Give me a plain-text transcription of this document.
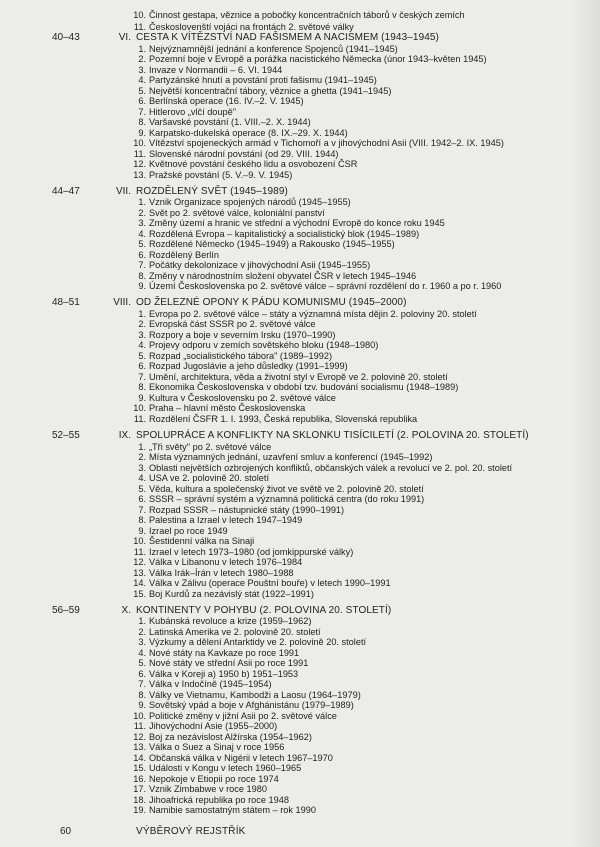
10. Činnost gestapa, věznice a pobočky koncentračních táborů v českých zemích
11. Českoslovenští vojáci na frontách 2. světové války
40–43	VI. CESTA K VÍTĚZSTVÍ NAD FAŠISMEM A NACISMEM (1943–1945)
1. Nejvýznamnější jednání a konference Spojenců (1941–1945)
2. Pozemní boje v Evropě a porážka nacistického Německa (únor 1943–květen 1945)
3. Invaze v Normandii – 6. VI. 1944
4. Partyzánské hnutí a povstání proti fašismu (1941–1945)
5. Největší koncentrační tábory, věznice a ghetta (1941–1945)
6. Berlínská operace (16. IV.–2. V. 1945)
7. Hitlerovo „vlčí doupě"
8. Varšavské povstání (1. VIII.–2. X. 1944)
9. Karpatsko-dukelská operace (8. IX.–29. X. 1944)
10. Vítězství spojeneckých armád v Tichomoří a v jihovýchodní Asii (VIII. 1942–2. IX. 1945)
11. Slovenské národní povstání (od 29. VIII. 1944)
12. Květnové povstání českého lidu a osvobození ČSR
13. Pražské povstání (5. V.–9. V. 1945)
44–47	VII. ROZDĚLENÝ SVĚT (1945–1989)
1. Vznik Organizace spojených národů (1945–1955)
2. Svět po 2. světové válce, koloniální panství
3. Změny území a hranic ve střední a východní Evropě do konce roku 1945
4. Rozdělená Evropa – kapitalistický a socialistický blok (1945–1989)
5. Rozdělené Německo (1945–1949) a Rakousko (1945–1955)
6. Rozdělený Berlín
7. Počátky dekolonizace v jihovýchodní Asii (1945–1955)
8. Změny v národnostním složení obyvatel ČSR v letech 1945–1946
9. Území Československa po 2. světové válce – správní rozdělení do r. 1960 a po r. 1960
48–51	VIII. OD ŽELEZNÉ OPONY K PÁDU KOMUNISMU (1945–2000)
1. Evropa po 2. světové válce – státy a významná místa dějin 2. poloviny 20. století
2. Evropská část SSSR po 2. světové válce
3. Rozpory a boje v severním Irsku (1970–1990)
4. Projevy odporu v zemích sovětského bloku (1948–1980)
5. Rozpad „socialistického tábora" (1989–1992)
6. Rozpad Jugoslávie a jeho důsledky (1991–1999)
7. Umění, architektura, věda a životní styl v Evropě ve 2. polovině 20. století
8. Ekonomika Československa v období tzv. budování socialismu (1948–1989)
9. Kultura v Československu po 2. světové válce
10. Praha – hlavní město Československa
11. Rozdělení ČSFR 1. I. 1993, Česká republika, Slovenská republika
52–55	IX. SPOLUPRÁCE A KONFLIKTY NA SKLONKU TISÍCILETÍ (2. POLOVINA 20. STOLETÍ)
1. „Tři světy" po 2. světové válce
2. Místa významných jednání, uzavření smluv a konferencí (1945–1992)
3. Oblasti největších ozbrojených konfliktů, občanských válek a revolucí ve 2. pol. 20. století
4. USA ve 2. polovině 20. století
5. Věda, kultura a společenský život ve světě ve 2. polovině 20. století
6. SSSR – správní systém a významná politická centra (do roku 1991)
7. Rozpad SSSR – nástupnické státy (1990–1991)
8. Palestina a Izrael v letech 1947–1949
9. Izrael po roce 1949
10. Šestidenní válka na Sinaji
11. Izrael v letech 1973–1980 (od jomkippurské války)
12. Válka v Libanonu v letech 1976–1984
13. Válka Irák–Írán v letech 1980–1988
14. Válka v Zálivu (operace Pouštní bouře) v letech 1990–1991
15. Boj Kurdů za nezávislý stát (1922–1991)
56–59	X. KONTINENTY V POHYBU (2. POLOVINA 20. STOLETÍ)
1. Kubánská revoluce a krize (1959–1962)
2. Latinská Amerika ve 2. polovině 20. století
3. Výzkumy a dělení Antarktidy ve 2. polovině 20. století
4. Nové státy na Kavkaze po roce 1991
5. Nové státy ve střední Asii po roce 1991
6. Válka v Koreji a) 1950 b) 1951–1953
7. Válka v Indočíně (1945–1954)
8. Války ve Vietnamu, Kambodži a Laosu (1964–1979)
9. Sovětský vpád a boje v Afghánistánu (1979–1989)
10. Politické změny v jižní Asii po 2. světové válce
11. Jihovýchodní Asie (1955–2000)
12. Boj za nezávislost Alžírska (1954–1962)
13. Válka o Suez a Sinaj v roce 1956
14. Občanská válka v Nigérii v letech 1967–1970
15. Události v Kongu v letech 1960–1965
16. Nepokoje v Etiopii po roce 1974
17. Vznik Zimbabwe v roce 1980
18. Jihoafrická republika po roce 1948
19. Namibie samostatným státem – rok 1990
60	VÝBĚROVÝ REJSTŘÍK
